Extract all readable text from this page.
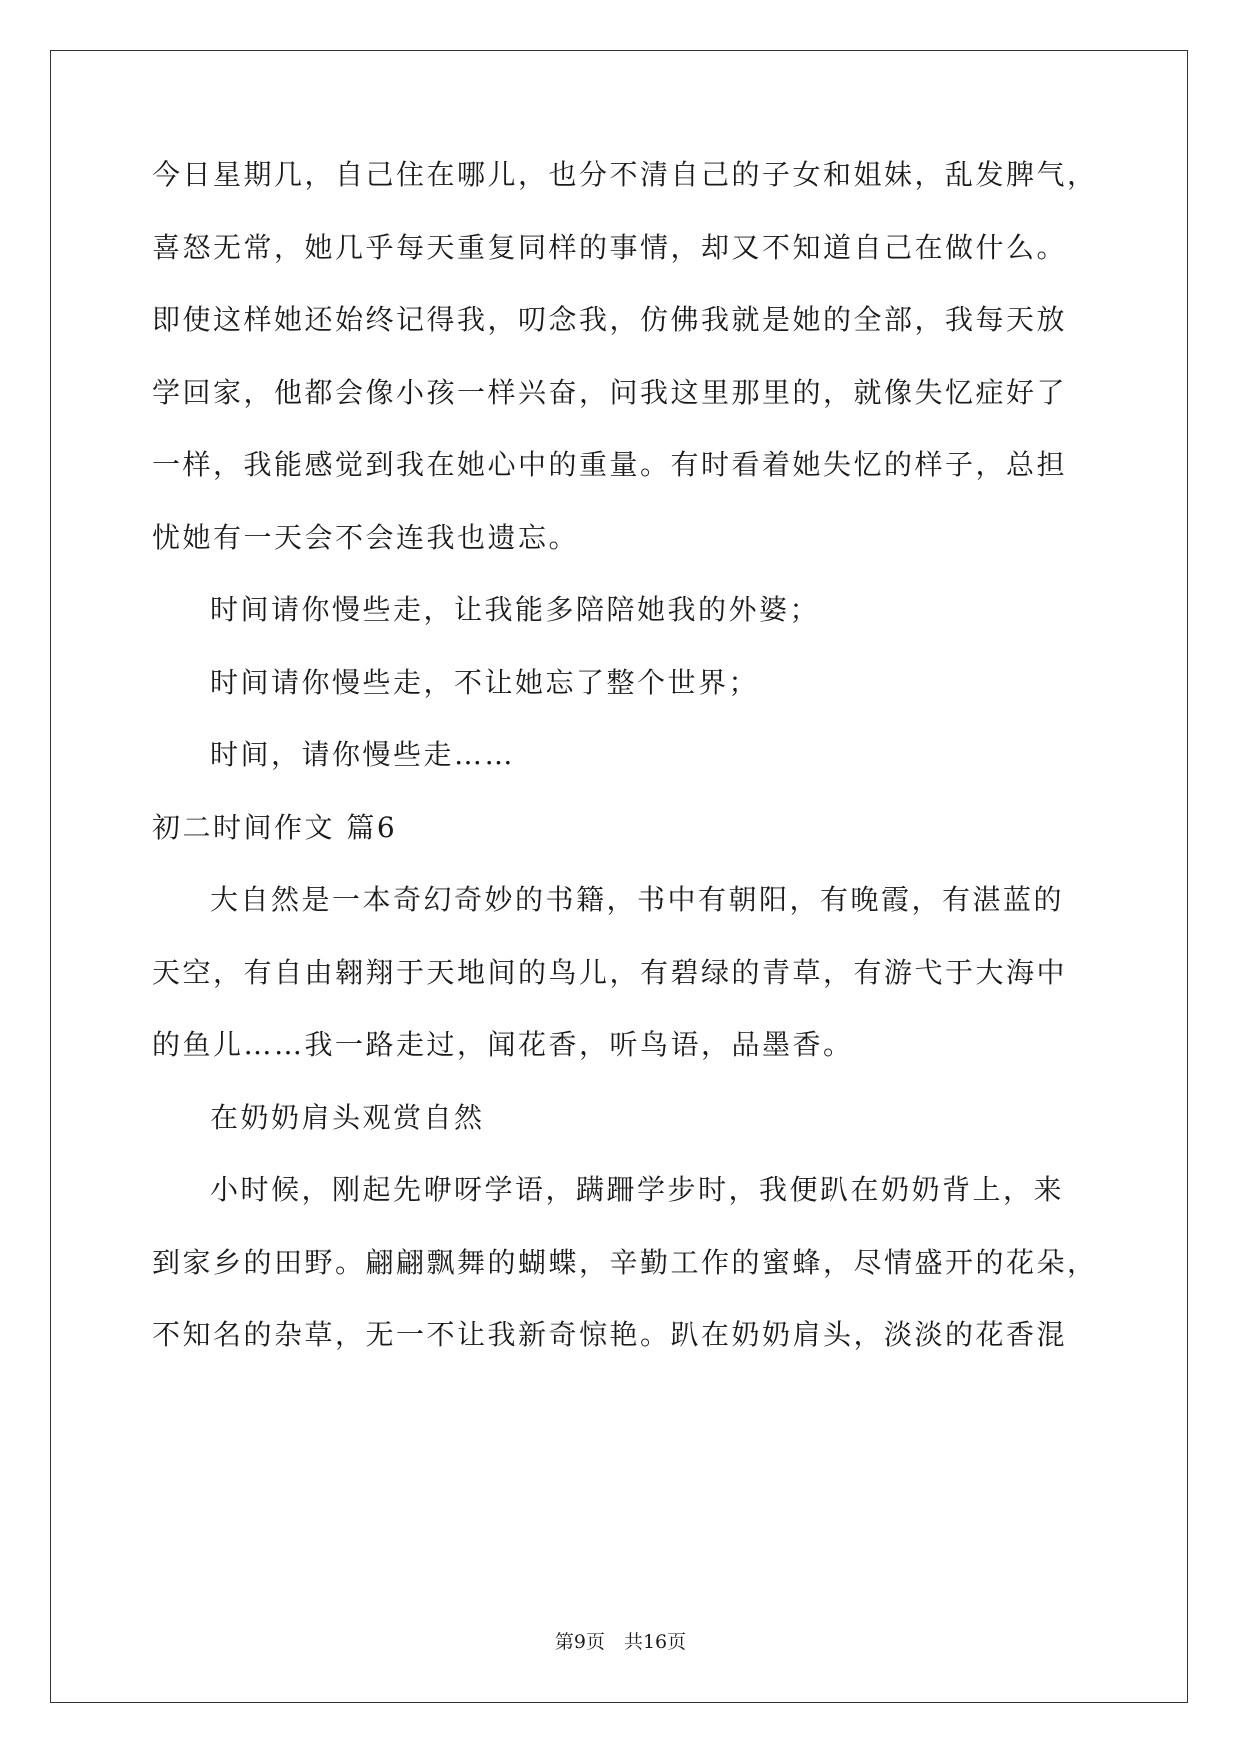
今日星期几，自己住在哪儿，也分不清自己的子女和姐妹，乱发脾气，
喜怒无常，她几乎每天重复同样的事情，却又不知道自己在做什么。
即使这样她还始终记得我，叨念我，仿佛我就是她的全部，我每天放
学回家，他都会像小孩一样兴奋，问我这里那里的，就像失忆症好了
一样，我能感觉到我在她心中的重量。有时看着她失忆的样子，总担
忧她有一天会不会连我也遗忘。
时间请你慢些走，让我能多陪陪她我的外婆；
时间请你慢些走，不让她忘了整个世界；
时间，请你慢些走……
初二时间作文 篇6
大自然是一本奇幻奇妙的书籍，书中有朝阳，有晚霞，有湛蓝的
天空，有自由翱翔于天地间的鸟儿，有碧绿的青草，有游弋于大海中
的鱼儿……我一路走过，闻花香，听鸟语，品墨香。
在奶奶肩头观赏自然
小时候，刚起先咿呀学语，蹒跚学步时，我便趴在奶奶背上，来
到家乡的田野。翩翩飘舞的蝴蝶，辛勤工作的蜜蜂，尽情盛开的花朵，
不知名的杂草，无一不让我新奇惊艳。趴在奶奶肩头，淡淡的花香混
第9页　共16页
